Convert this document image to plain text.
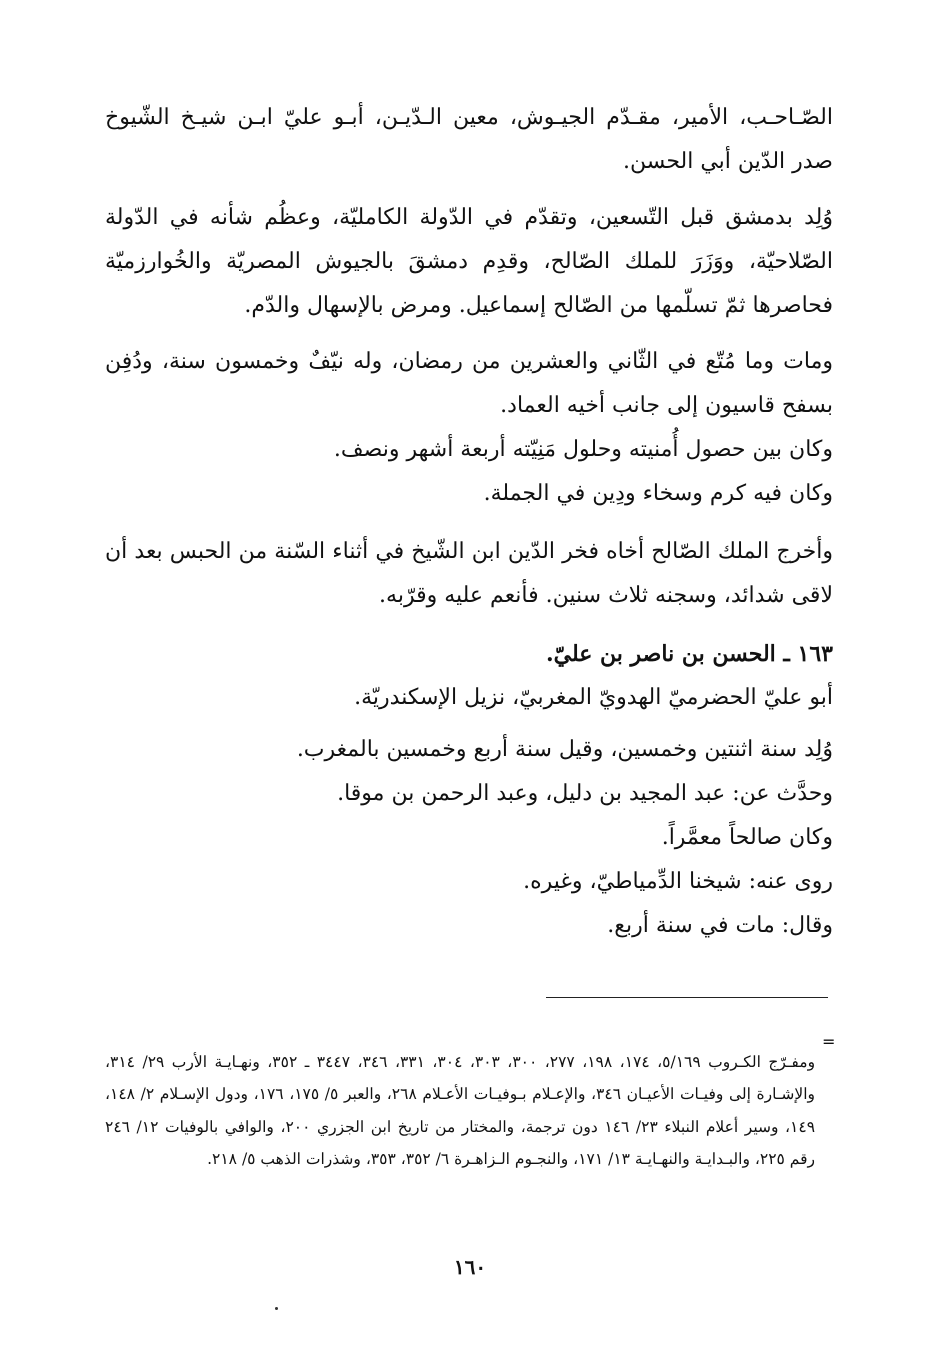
الصّـاحـب، الأمير، مقـدّم الجيـوش، معين الـدّيـن، أبـو عليّ ابـن شيـخ الشّيوخ صدر الدّين أبي الحسن.

وُلِد بدمشق قبل التّسعين، وتقدّم في الدّولة الكامليّة، وعظُم شأنه في الدّولة الصّلاحيّة، ووَزَرَ للملك الصّالح، وقدِم دمشقَ بالجيوش المصريّة والخُوارزميّة فحاصرها ثمّ تسلّمها من الصّالح إسماعيل. ومرض بالإسهال والدّم.

ومات وما مُتّع في الثّاني والعشرين من رمضان، وله نيّفٌ وخمسون سنة، ودُفِن بسفح قاسيون إلى جانب أخيه العماد.

وكان بين حصول أُمنيته وحلول مَنِيّته أربعة أشهر ونصف.

وكان فيه كرم وسخاء ودِين في الجملة.

وأخرج الملك الصّالح أخاه فخر الدّين ابن الشّيخ في أثناء السّنة من الحبس بعد أن لاقى شدائد، وسجنه ثلاث سنين. فأنعم عليه وقرّبه.

١٦٣ ـ الحسن بن ناصر بن عليّ.

أبو عليّ الحضرميّ الهدويّ المغربيّ، نزيل الإسكندريّة.

وُلِد سنة اثنتين وخمسين، وقيل سنة أربع وخمسين بالمغرب.

وحدَّث عن: عبد المجيد بن دليل، وعبد الرحمن بن موقا.

وكان صالحاً معمَّراً.

روى عنه: شيخنا الدِّمياطيّ، وغيره.

وقال: مات في سنة أربع.

=

ومفـرّج الكـروب ٥/١٦٩، ١٧٤، ١٩٨، ٢٧٧، ٣٠٠، ٣٠٣، ٣٠٤، ٣٣١، ٣٤٦، ٣٤٤٧ ـ ٣٥٢، ونهـايـة الأرب ٢٩/ ٣١٤، والإشـارة إلى وفيـات الأعيـان ٣٤٦، والإعـلام بـوفيـات الأعـلام ٢٦٨، والعبر ٥/ ١٧٥، ١٧٦، ودول الإسـلام ٢/ ١٤٨، ١٤٩، وسير أعلام النبلاء ٢٣/ ١٤٦ دون ترجمة، والمختار من تاريخ ابن الجزري ٢٠٠، والوافي بالوفيات ١٢/ ٢٤٦ رقم ٢٢٥، والبـدايـة والنهـايـة ١٣/ ١٧١، والنجـوم الـزاهـرة ٦/ ٣٥٢، ٣٥٣، وشذرات الذهب ٥/ ٢١٨.

١٦٠
